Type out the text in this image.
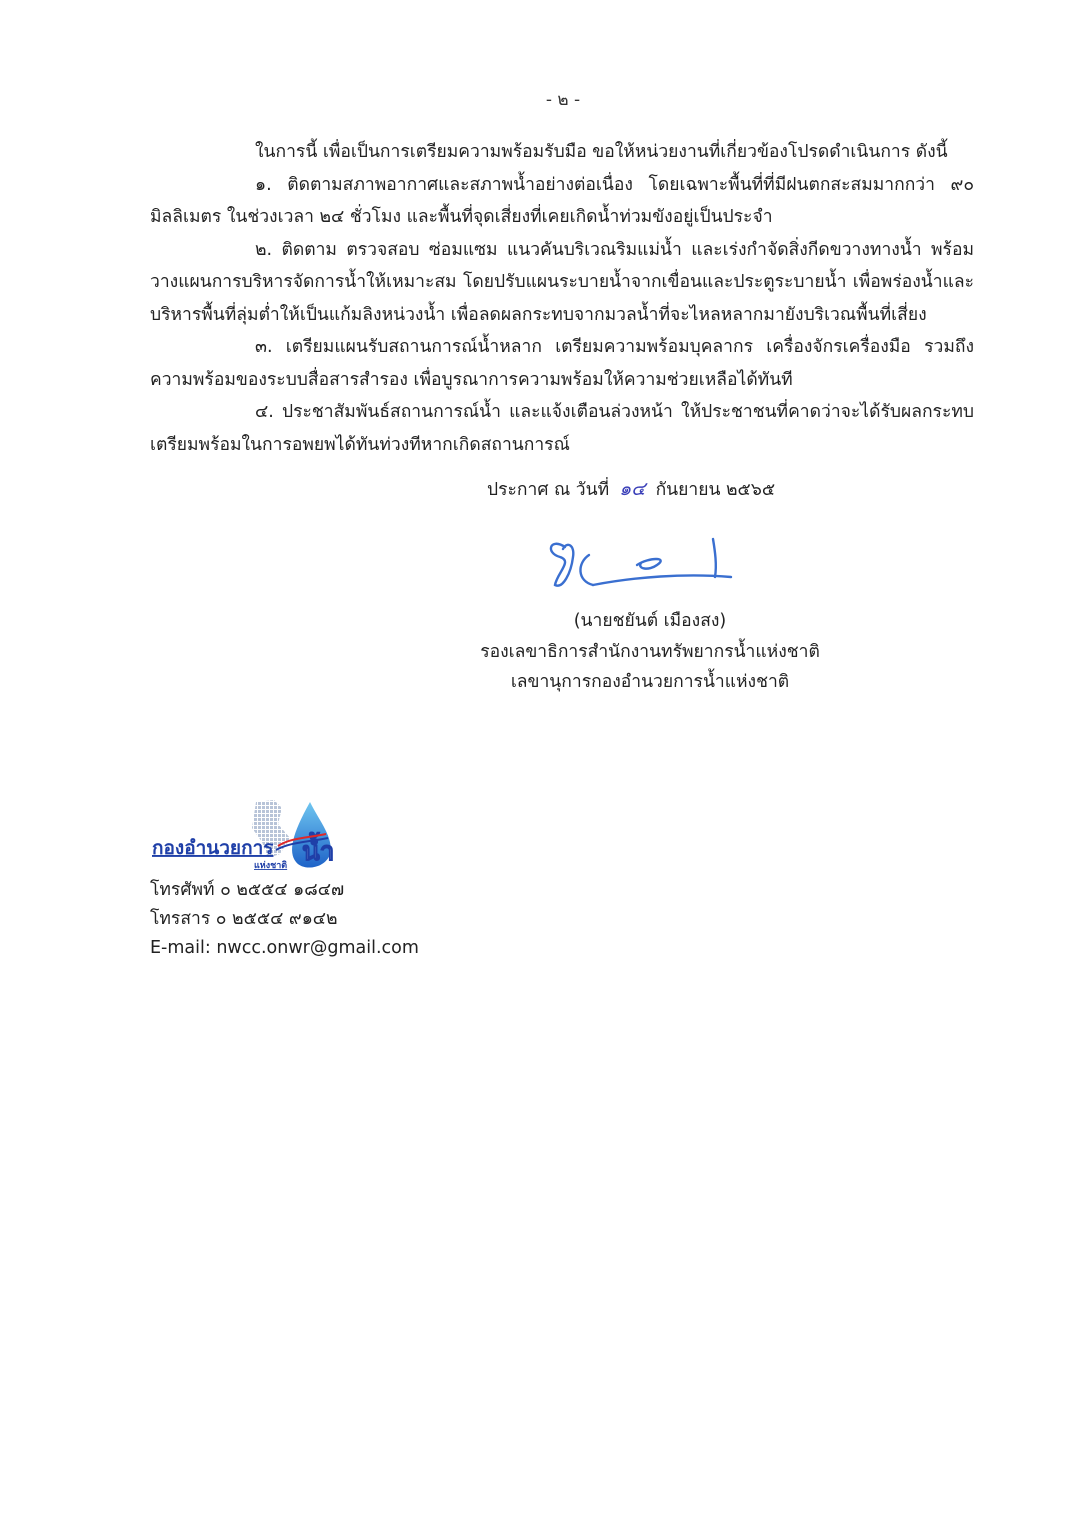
- ๒ -

ในการนี้ เพื่อเป็นการเตรียมความพร้อมรับมือ ขอให้หน่วยงานที่เกี่ยวข้องโปรดดำเนินการ ดังนี้

๑. ติดตามสภาพอากาศและสภาพน้ำอย่างต่อเนื่อง โดยเฉพาะพื้นที่ที่มีฝนตกสะสมมากกว่า ๙๐ มิลลิเมตร ในช่วงเวลา ๒๔ ชั่วโมง และพื้นที่จุดเสี่ยงที่เคยเกิดน้ำท่วมขังอยู่เป็นประจำ

๒. ติดตาม ตรวจสอบ ซ่อมแซม แนวคันบริเวณริมแม่น้ำ และเร่งกำจัดสิ่งกีดขวางทางน้ำ พร้อมวางแผนการบริหารจัดการน้ำให้เหมาะสม โดยปรับแผนระบายน้ำจากเขื่อนและประตูระบายน้ำ เพื่อพร่องน้ำและบริหารพื้นที่ลุ่มต่ำให้เป็นแก้มลิงหน่วงน้ำ เพื่อลดผลกระทบจากมวลน้ำที่จะไหลหลากมายังบริเวณพื้นที่เสี่ยง

๓. เตรียมแผนรับสถานการณ์น้ำหลาก เตรียมความพร้อมบุคลากร เครื่องจักรเครื่องมือ รวมถึงความพร้อมของระบบสื่อสารสำรอง เพื่อบูรณาการความพร้อมให้ความช่วยเหลือได้ทันที

๔. ประชาสัมพันธ์สถานการณ์น้ำ และแจ้งเตือนล่วงหน้า ให้ประชาชนที่คาดว่าจะได้รับผลกระทบ เตรียมพร้อมในการอพยพได้ทันท่วงทีหากเกิดสถานการณ์

ประกาศ ณ วันที่ ๑๔ กันยายน ๒๕๖๕
(นายชยันต์ เมืองสง)
รองเลขาธิการสำนักงานทรัพยากรน้ำแห่งชาติ
เลขานุการกองอำนวยการน้ำแห่งชาติ
น้ำ
กองอำนวยการ
แห่งชาติ
โทรศัพท์ ๐ ๒๕๕๔ ๑๘๔๗
โทรสาร ๐ ๒๕๕๔ ๙๑๔๒
E-mail: nwcc.onwr@gmail.com
